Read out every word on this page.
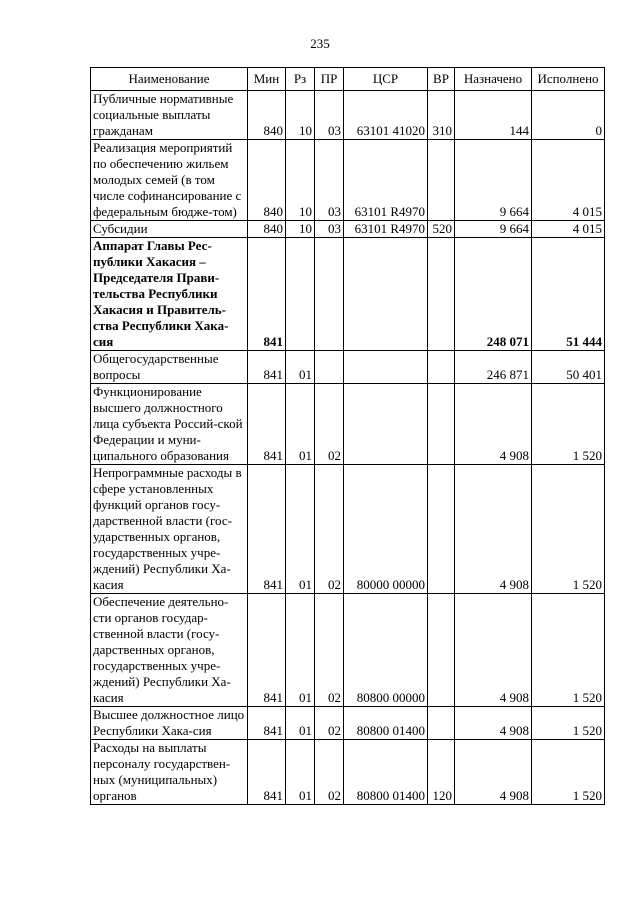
235
Наименование	Мин	Рз	ПР	ЦСР	ВР	Назначено	Исполнено
Публичные нормативные социальные выплаты гражданам	840	10	03	63101 41020	310	144	0
Реализация мероприятий по обеспечению жильем молодых семей (в том числе софинансирование с федеральным бюдже-том)	840	10	03	63101 R4970		9 664	4 015
Субсидии	840	10	03	63101 R4970	520	9 664	4 015
Аппарат Главы Рес-публики Хакасия – Председателя Прави-тельства Республики Хакасия и Правитель-ства Республики Хака-сия	841					248 071	51 444
Общегосударственные вопросы	841	01				246 871	50 401
Функционирование высшего должностного лица субъекта Россий-ской Федерации и муни-ципального образования	841	01	02			4 908	1 520
Непрограммные расходы в сфере установленных функций органов госу-дарственной власти (гос-ударственных органов, государственных учре-ждений) Республики Ха-касия	841	01	02	80000 00000		4 908	1 520
Обеспечение деятельно-сти органов государ-ственной власти (госу-дарственных органов, государственных учре-ждений) Республики Ха-касия	841	01	02	80800 00000		4 908	1 520
Высшее должностное лицо Республики Хака-сия	841	01	02	80800 01400		4 908	1 520
Расходы на выплаты персоналу государствен-ных (муниципальных) органов	841	01	02	80800 01400	120	4 908	1 520
